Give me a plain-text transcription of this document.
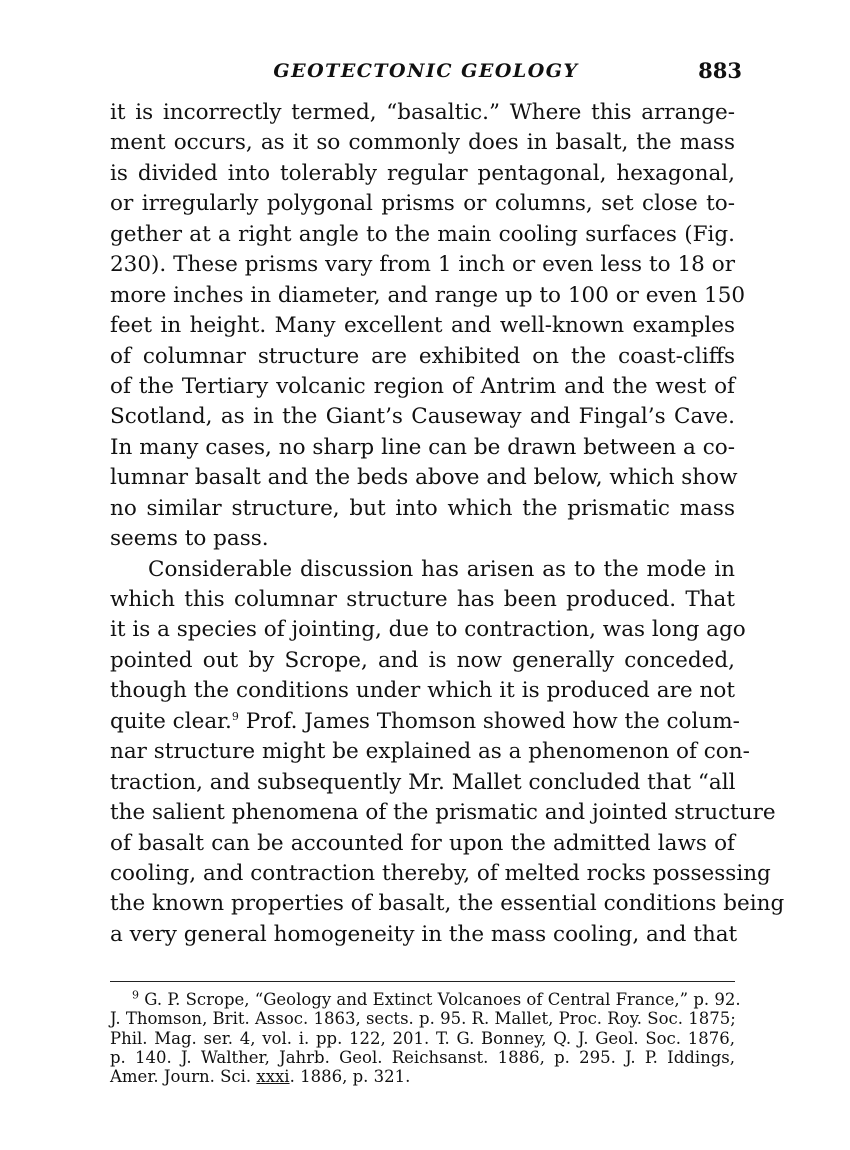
GEOTECTONIC GEOLOGY	883
it is incorrectly termed, “basaltic.” Where this arrange-
ment occurs, as it so commonly does in basalt, the mass
is divided into tolerably regular pentagonal, hexagonal,
or irregularly polygonal prisms or columns, set close to-
gether at a right angle to the main cooling surfaces (Fig.
230). These prisms vary from 1 inch or even less to 18 or
more inches in diameter, and range up to 100 or even 150
feet in height. Many excellent and well-known examples
of columnar structure are exhibited on the coast-cliffs
of the Tertiary volcanic region of Antrim and the west of
Scotland, as in the Giant’s Causeway and Fingal’s Cave.
In many cases, no sharp line can be drawn between a co-
lumnar basalt and the beds above and below, which show
no similar structure, but into which the prismatic mass
seems to pass.
Considerable discussion has arisen as to the mode in
which this columnar structure has been produced. That
it is a species of jointing, due to contraction, was long ago
pointed out by Scrope, and is now generally conceded,
though the conditions under which it is produced are not
quite clear.$^9$ Prof. James Thomson showed how the colum-
nar structure might be explained as a phenomenon of con-
traction, and subsequently Mr. Mallet concluded that “all
the salient phenomena of the prismatic and jointed structure
of basalt can be accounted for upon the admitted laws of
cooling, and contraction thereby, of melted rocks possessing
the known properties of basalt, the essential conditions being
a very general homogeneity in the mass cooling, and that
$^9$ G. P. Scrope, “Geology and Extinct Volcanoes of Central France,” p. 92.
J. Thomson, Brit. Assoc. 1863, sects. p. 95. R. Mallet, Proc. Roy. Soc. 1875;
Phil. Mag. ser. 4, vol. i. pp. 122, 201. T. G. Bonney, Q. J. Geol. Soc. 1876,
p. 140. J. Walther, Jahrb. Geol. Reichsanst. 1886, p. 295. J. P. Iddings,
Amer. Journ. Sci. xxxi. 1886, p. 321.
